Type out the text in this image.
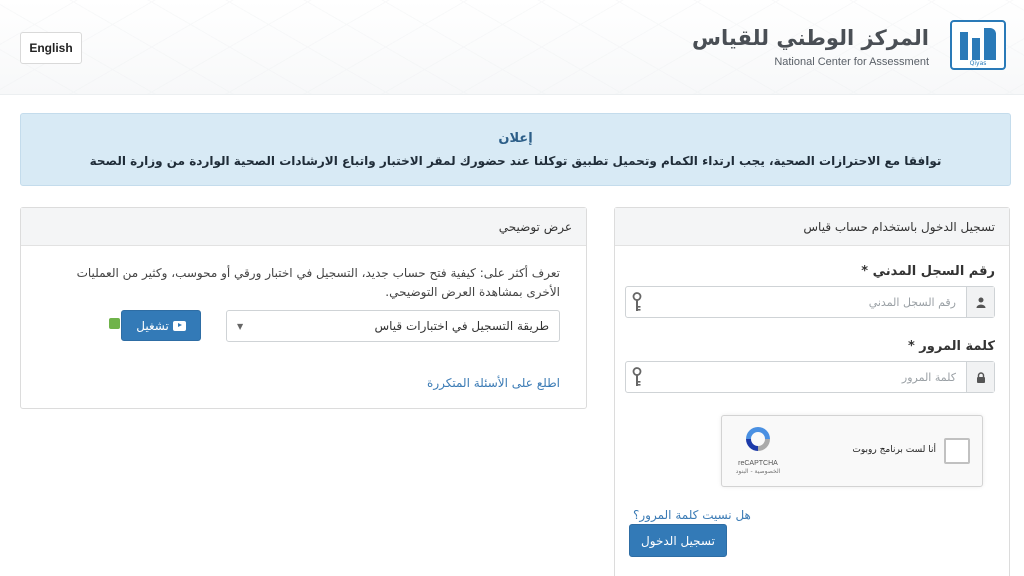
English
Qiyas
المركز الوطني للقياس
National Center for Assessment
إعلان
توافقا مع الاحترازات الصحية، يجب ارتداء الكمام وتحميل تطبيق توكلنا عند حضورك لمقر الاختبار واتباع الارشادات الصحية الواردة من وزارة الصحة
تسجيل الدخول باستخدام حساب قياس
رقم السجل المدني *
رقم السجل المدني
كلمة المرور *
أنا لست برنامج روبوت
reCAPTCHA
الخصوصية - البنود
هل نسيت كلمة المرور؟
تسجيل الدخول
عرض توضيحي
تعرف أكثر على: كيفية فتح حساب جديد، التسجيل في اختبار ورقي أو محوسب، وكثير من العمليات الأخرى بمشاهدة العرض التوضيحي.
طريقة التسجيل في اختبارات قياس
▼
تشغيل
اطلع على الأسئلة المتكررة
